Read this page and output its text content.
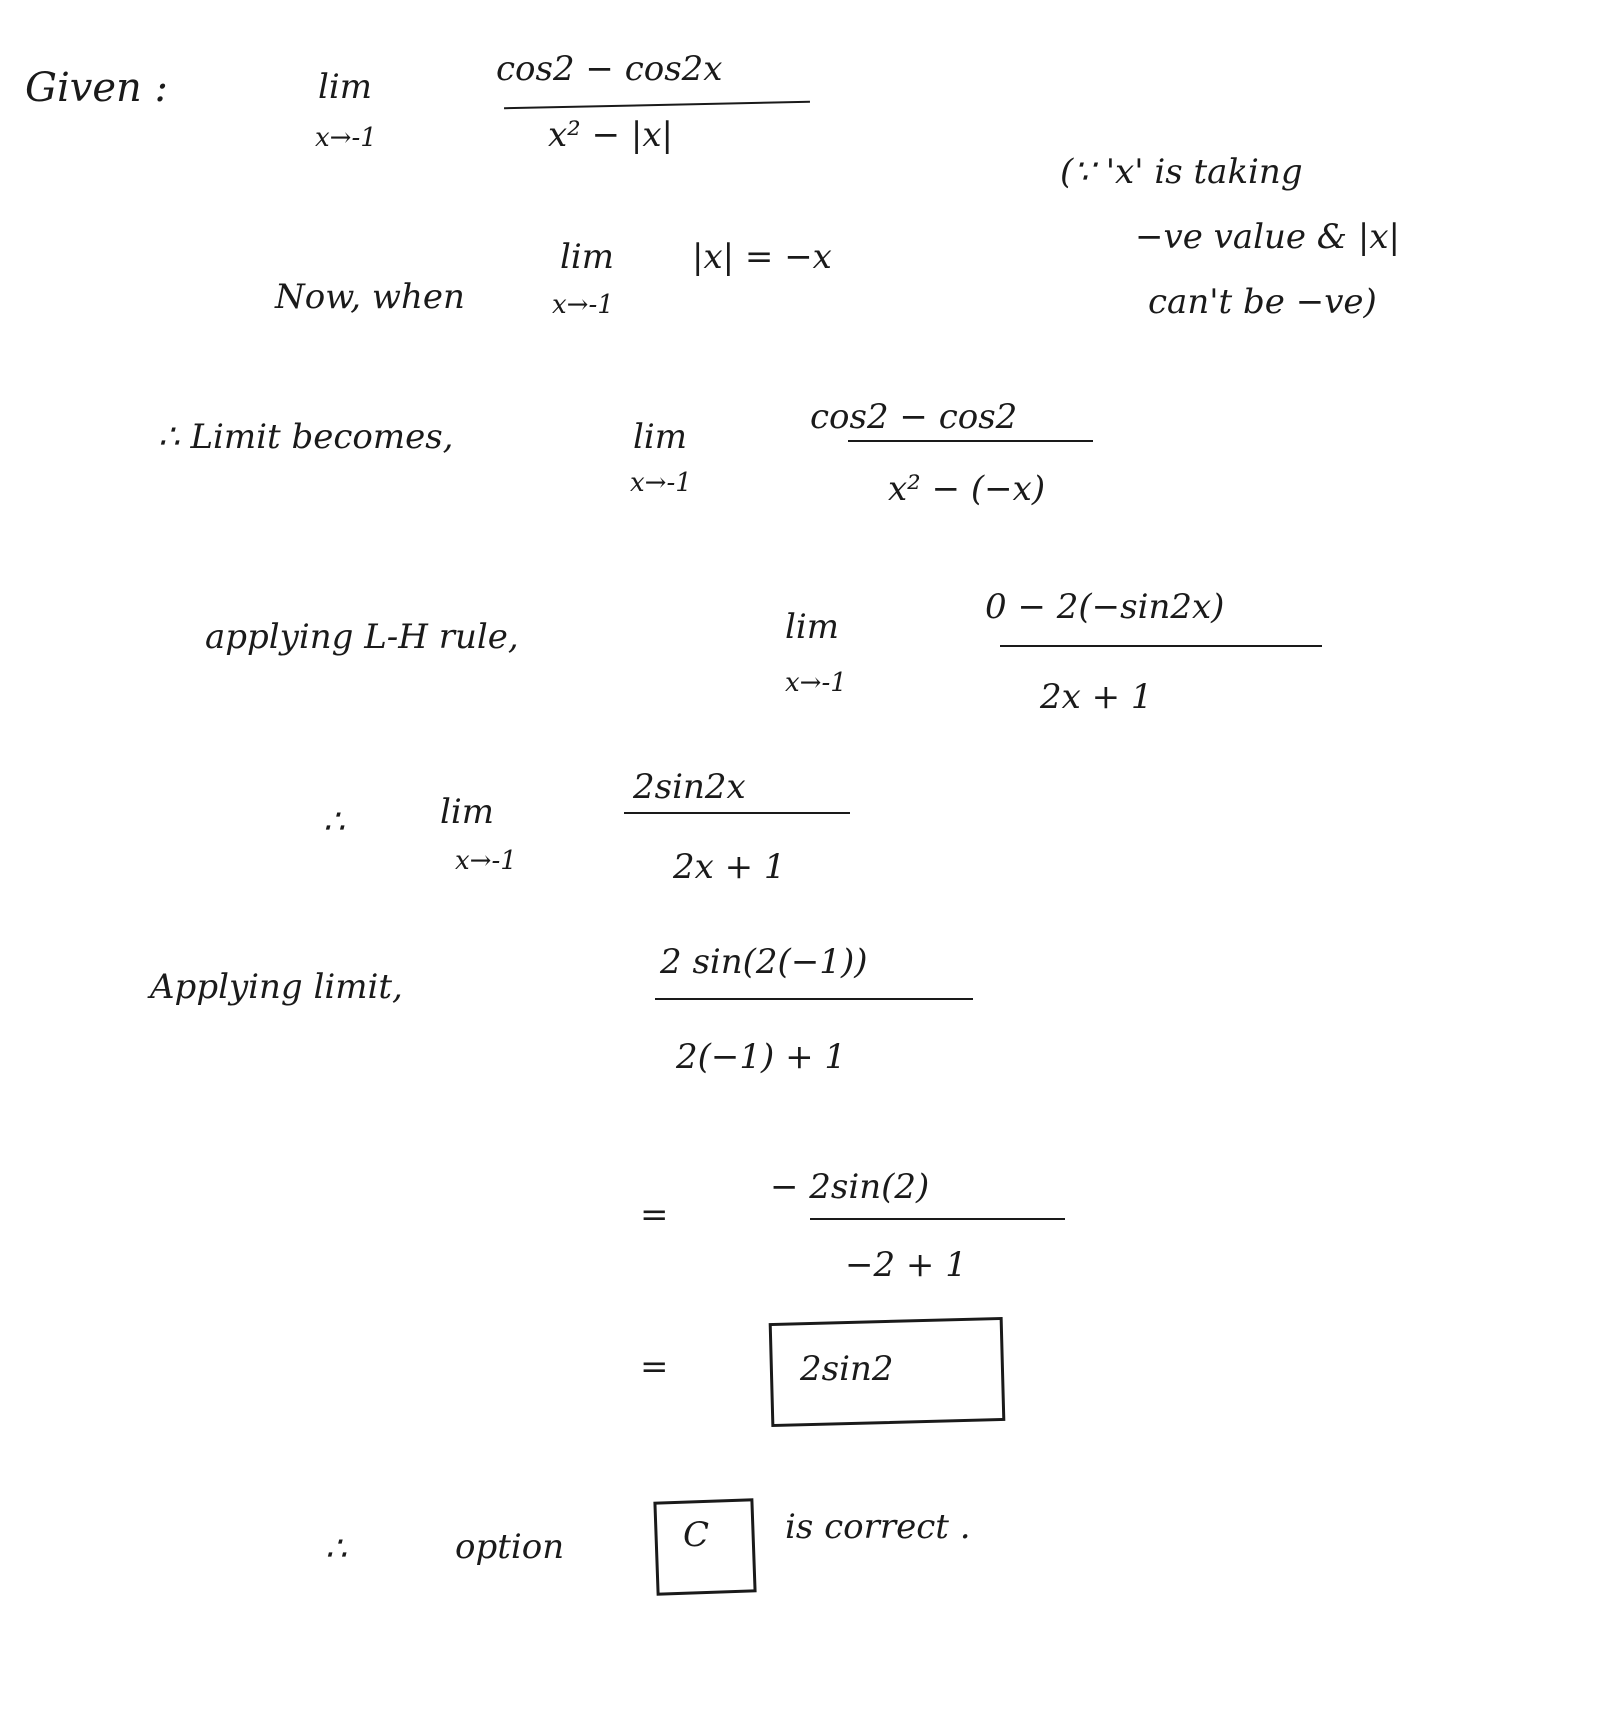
Given :	lim
x→-1
cos2 − cos2x
x² − |x|
Now, when
lim
x→-1
|x| = −x
(∵ 'x' is taking
−ve value & |x|
can't be −ve)
∴ Limit becomes,	lim
x→-1
cos2 − cos2
x² − (−x)
applying L-H rule,	lim
x→-1
0 − 2(−sin2x)
2x + 1
∴	lim
x→-1
2sin2x
2x + 1
Applying limit,
2 sin(2(−1))
2(−1) + 1
=
− 2sin(2)
−2 + 1
=	2sin2
∴	option	C is correct .
